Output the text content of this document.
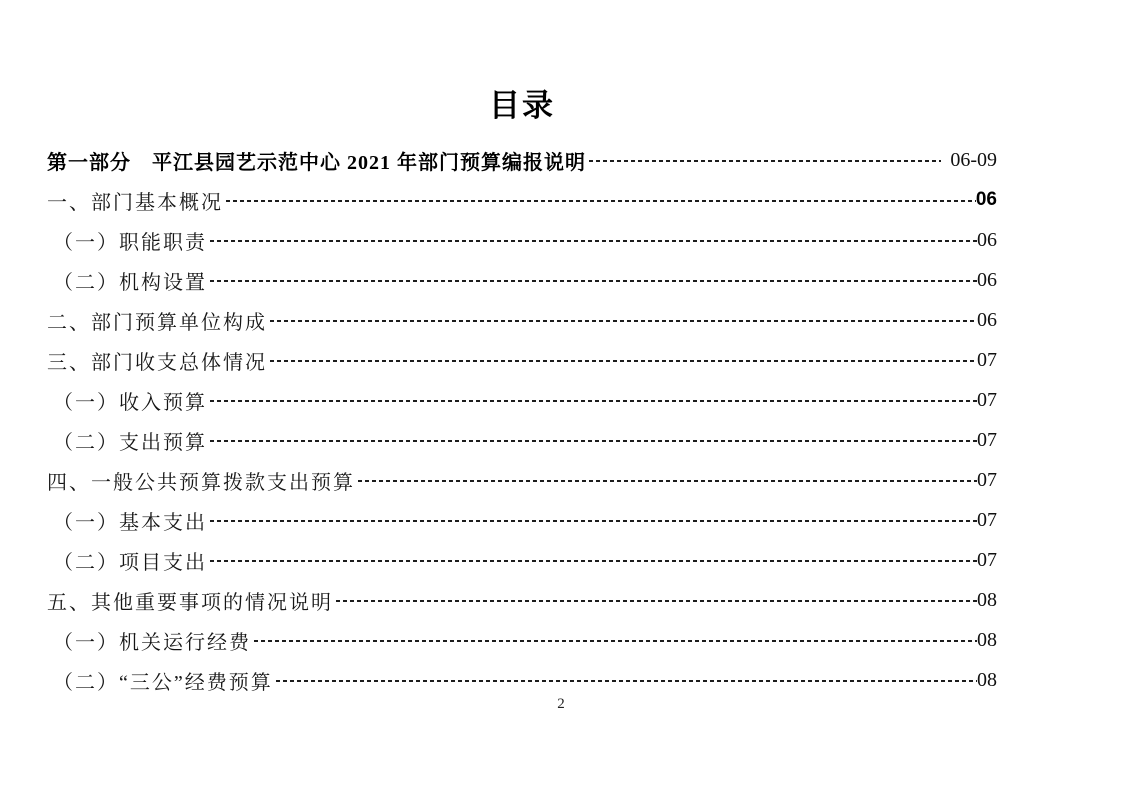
目录
第一部分　平江县园艺示范中心 2021 年部门预算编报说明	06-09
一、部门基本概况	06
（一）职能职责	06
（二）机构设置	06
二、部门预算单位构成	06
三、部门收支总体情况	07
（一）收入预算	07
（二）支出预算	07
四、一般公共预算拨款支出预算	07
（一）基本支出	07
（二）项目支出	07
五、其他重要事项的情况说明	08
（一）机关运行经费	08
（二）“三公”经费预算	08
2
